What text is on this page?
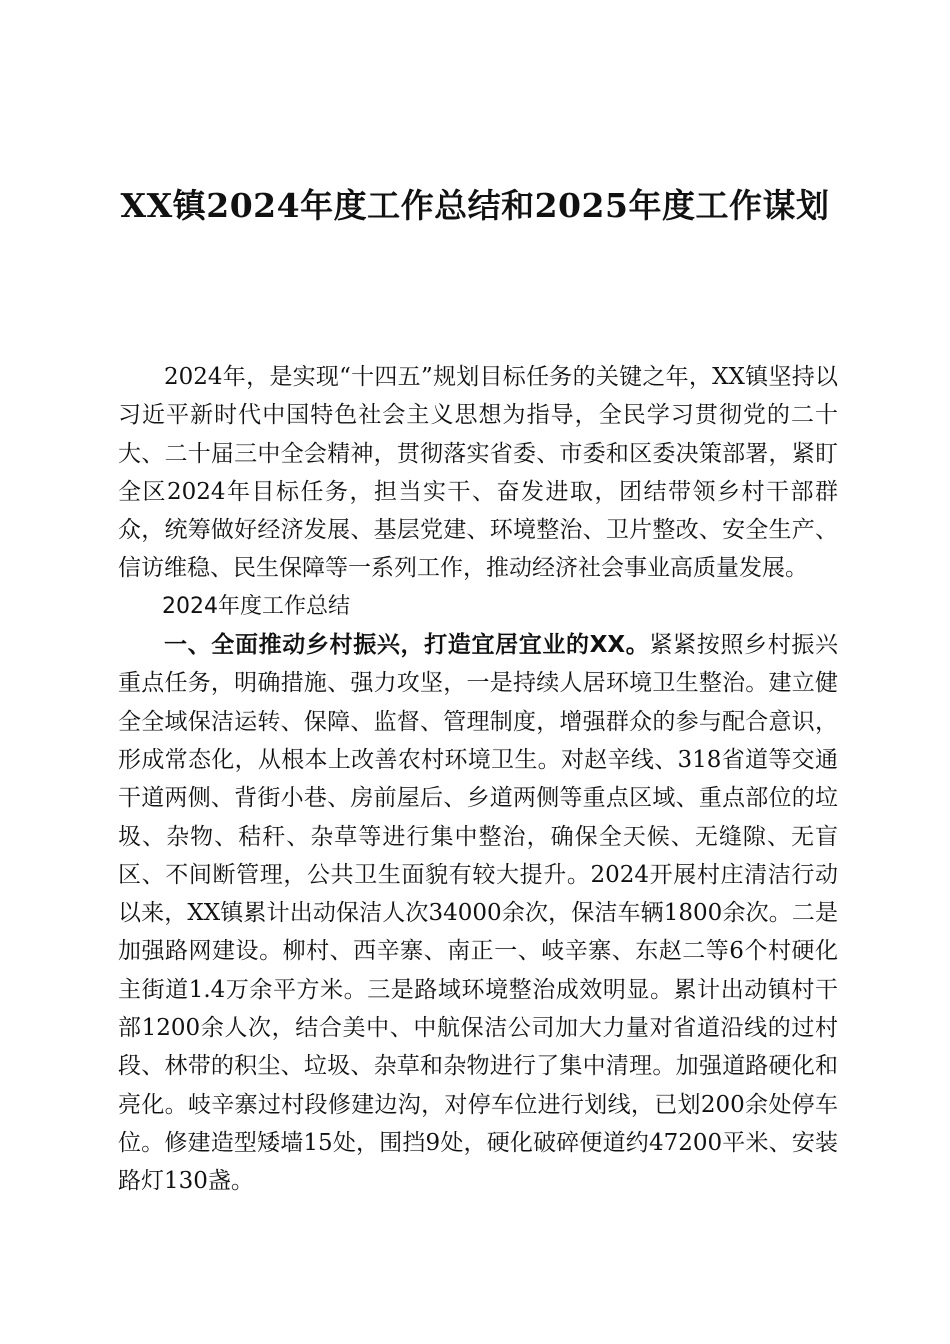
XX镇2024年度工作总结和2025年度工作谋划

2024年，是实现“十四五”规划目标任务的关键之年，XX镇坚持以习近平新时代中国特色社会主义思想为指导，全民学习贯彻党的二十大、二十届三中全会精神，贯彻落实省委、市委和区委决策部署，紧盯全区2024年目标任务，担当实干、奋发进取，团结带领乡村干部群众，统筹做好经济发展、基层党建、环境整治、卫片整改、安全生产、信访维稳、民生保障等一系列工作，推动经济社会事业高质量发展。

2024年度工作总结

一、全面推动乡村振兴，打造宜居宜业的XX。紧紧按照乡村振兴重点任务，明确措施、强力攻坚，一是持续人居环境卫生整治。建立健全全域保洁运转、保障、监督、管理制度，增强群众的参与配合意识，形成常态化，从根本上改善农村环境卫生。对赵辛线、318省道等交通干道两侧、背街小巷、房前屋后、乡道两侧等重点区域、重点部位的垃圾、杂物、秸秆、杂草等进行集中整治，确保全天候、无缝隙、无盲区、不间断管理，公共卫生面貌有较大提升。2024开展村庄清洁行动以来，XX镇累计出动保洁人次34000余次，保洁车辆1800余次。二是加强路网建设。柳村、西辛寨、南正一、岐辛寨、东赵二等6个村硬化主街道1.4万余平方米。三是路域环境整治成效明显。累计出动镇村干部1200余人次，结合美中、中航保洁公司加大力量对省道沿线的过村段、林带的积尘、垃圾、杂草和杂物进行了集中清理。加强道路硬化和亮化。岐辛寨过村段修建边沟，对停车位进行划线，已划200余处停车位。修建造型矮墙15处，围挡9处，硬化破碎便道约47200平米、安装路灯130盏。
